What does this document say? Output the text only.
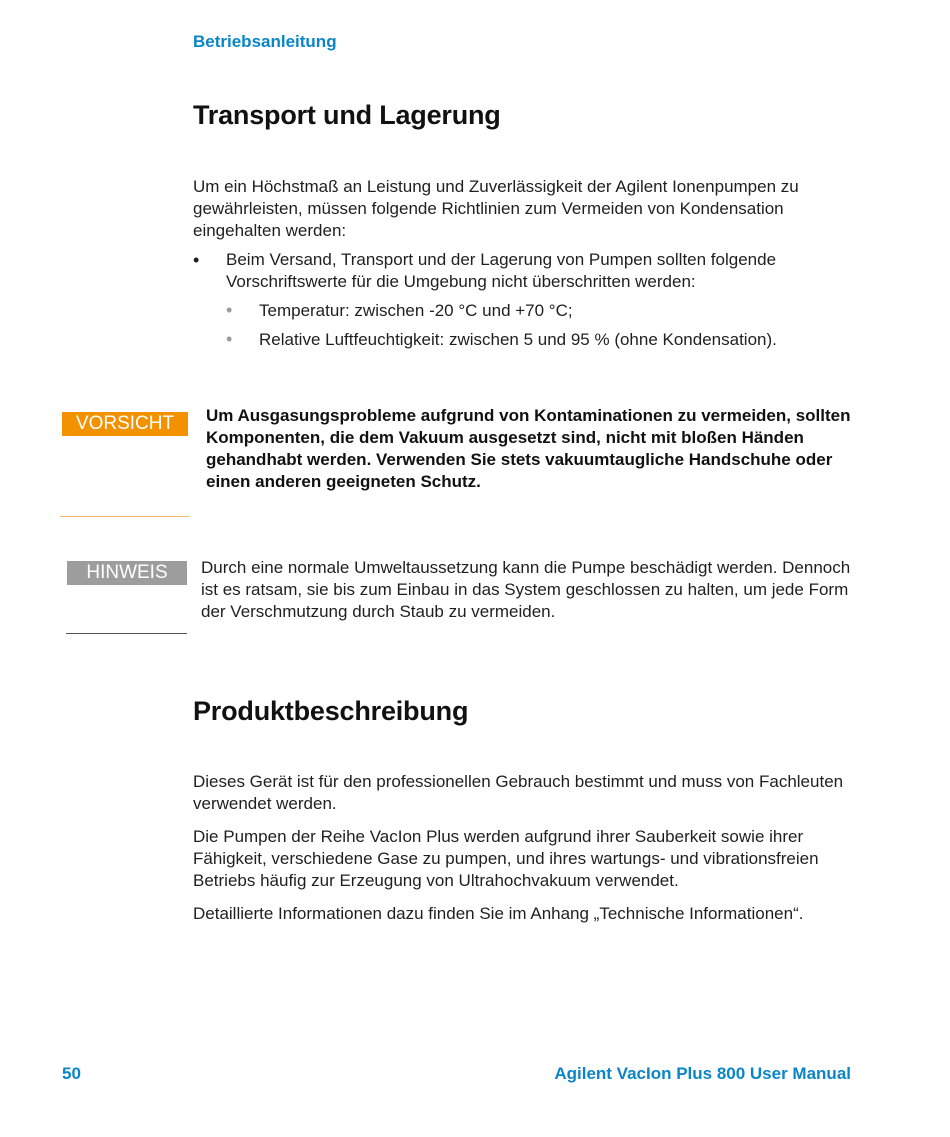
Betriebsanleitung
Transport und Lagerung

Um ein Höchstmaß an Leistung und Zuverlässigkeit der Agilent Ionenpumpen zu gewährleisten, müssen folgende Richtlinien zum Vermeiden von Kondensation eingehalten werden:

•	Beim Versand, Transport und der Lagerung von Pumpen sollten folgende Vorschriftswerte für die Umgebung nicht überschritten werden:
• Temperatur: zwischen -20 °C und +70 °C;
• Relative Luftfeuchtigkeit: zwischen 5 und 95 % (ohne Kondensation).
VORSICHT	Um Ausgasungsprobleme aufgrund von Kontaminationen zu vermeiden, sollten Komponenten, die dem Vakuum ausgesetzt sind, nicht mit bloßen Händen gehandhabt werden. Verwenden Sie stets vakuumtaugliche Handschuhe oder einen anderen geeigneten Schutz.
HINWEIS	Durch eine normale Umweltaussetzung kann die Pumpe beschädigt werden. Dennoch ist es ratsam, sie bis zum Einbau in das System geschlossen zu halten, um jede Form der Verschmutzung durch Staub zu vermeiden.
Produktbeschreibung

Dieses Gerät ist für den professionellen Gebrauch bestimmt und muss von Fachleuten verwendet werden.

Die Pumpen der Reihe VacIon Plus werden aufgrund ihrer Sauberkeit sowie ihrer Fähigkeit, verschiedene Gase zu pumpen, und ihres wartungs- und vibrationsfreien Betriebs häufig zur Erzeugung von Ultrahochvakuum verwendet.

Detaillierte Informationen dazu finden Sie im Anhang „Technische Informationen“.

50	Agilent VacIon Plus 800 User Manual
